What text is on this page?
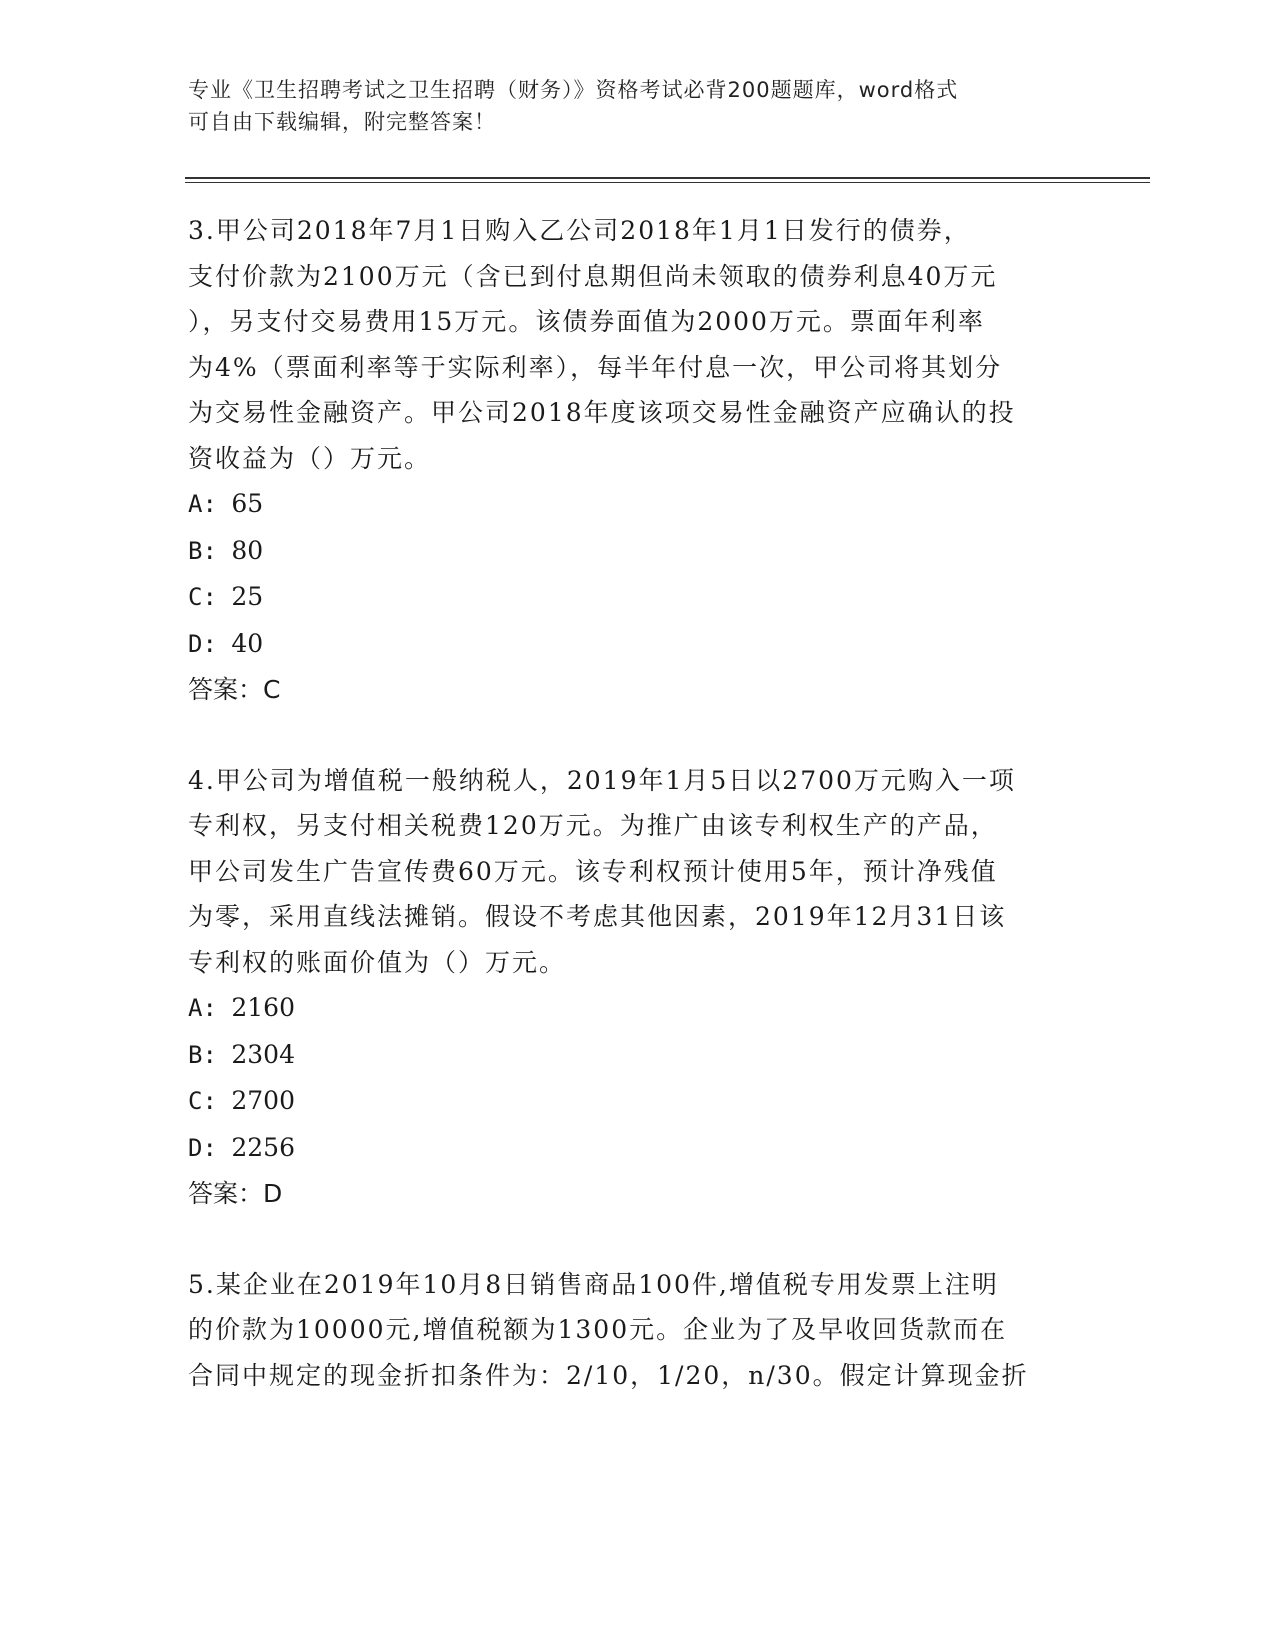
专业《卫生招聘考试之卫生招聘（财务）》资格考试必背200题题库，word格式
可自由下载编辑，附完整答案！

3.甲公司2018年7月1日购入乙公司2018年1月1日发行的债券，
支付价款为2100万元（含已到付息期但尚未领取的债券利息40万元
），另支付交易费用15万元。该债券面值为2000万元。票面年利率
为4%（票面利率等于实际利率），每半年付息一次，甲公司将其划分
为交易性金融资产。甲公司2018年度该项交易性金融资产应确认的投
资收益为（）万元。

A: 65

B: 80

C: 25

D: 40

答案：C

4.甲公司为增值税一般纳税人，2019年1月5日以2700万元购入一项
专利权，另支付相关税费120万元。为推广由该专利权生产的产品，
甲公司发生广告宣传费60万元。该专利权预计使用5年，预计净残值
为零，采用直线法摊销。假设不考虑其他因素，2019年12月31日该
专利权的账面价值为（）万元。

A: 2160

B: 2304

C: 2700

D: 2256

答案：D

5.某企业在2019年10月8日销售商品100件,增值税专用发票上注明
的价款为10000元,增值税额为1300元。企业为了及早收回货款而在
合同中规定的现金折扣条件为：2/10，1/20，n/30。假定计算现金折
